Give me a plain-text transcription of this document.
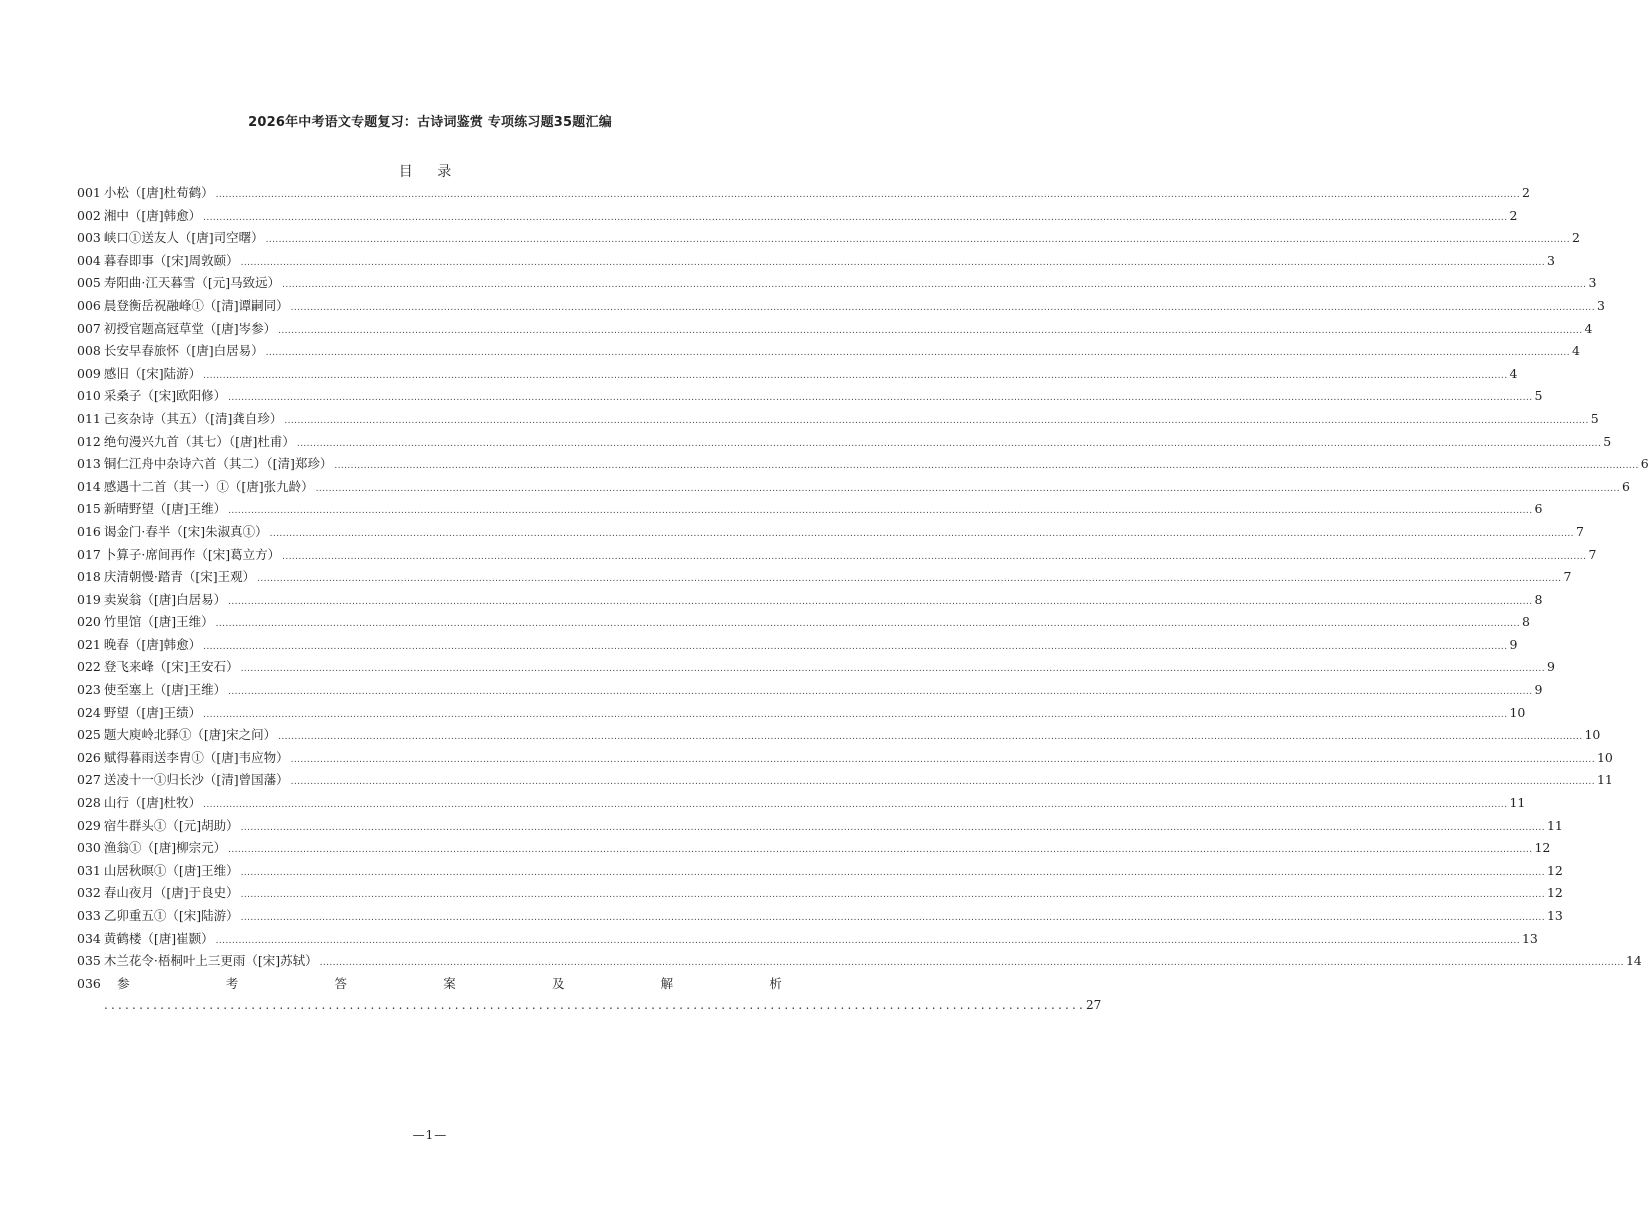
2026年中考语文专题复习：古诗词鉴赏 专项练习题35题汇编
目 录
001 小松（[唐]杜荀鹤） ................................................................................................................................................................................................................................................................................................................................................................................................................ 2
002 湘中（[唐]韩愈） ................................................................................................................................................................................................................................................................................................................................................................................................................ 2
003 峡口①送友人（[唐]司空曙） ................................................................................................................................................................................................................................................................................................................................................................................................................ 2
004 暮春即事（[宋]周敦颐） ................................................................................................................................................................................................................................................................................................................................................................................................................ 3
005 寿阳曲·江天暮雪（[元]马致远） ................................................................................................................................................................................................................................................................................................................................................................................................................ 3
006 晨登衡岳祝融峰①（[清]谭嗣同） ................................................................................................................................................................................................................................................................................................................................................................................................................ 3
007 初授官题高冠草堂（[唐]岑参） ................................................................................................................................................................................................................................................................................................................................................................................................................ 4
008 长安早春旅怀（[唐]白居易） ................................................................................................................................................................................................................................................................................................................................................................................................................ 4
009 感旧（[宋]陆游） ................................................................................................................................................................................................................................................................................................................................................................................................................ 4
010 采桑子（[宋]欧阳修） ................................................................................................................................................................................................................................................................................................................................................................................................................ 5
011 己亥杂诗（其五）（[清]龚自珍） ................................................................................................................................................................................................................................................................................................................................................................................................................ 5
012 绝句漫兴九首（其七）（[唐]杜甫） ................................................................................................................................................................................................................................................................................................................................................................................................................ 5
013 铜仁江舟中杂诗六首（其二）（[清]郑珍） ................................................................................................................................................................................................................................................................................................................................................................................................................ 6
014 感遇十二首（其一）①（[唐]张九龄） ................................................................................................................................................................................................................................................................................................................................................................................................................ 6
015 新晴野望（[唐]王维） ................................................................................................................................................................................................................................................................................................................................................................................................................ 6
016 谒金门·春半（[宋]朱淑真①） ................................................................................................................................................................................................................................................................................................................................................................................................................ 7
017 卜算子·席间再作（[宋]葛立方） ................................................................................................................................................................................................................................................................................................................................................................................................................ 7
018 庆清朝慢·踏青（[宋]王观） ................................................................................................................................................................................................................................................................................................................................................................................................................ 7
019 卖炭翁（[唐]白居易） ................................................................................................................................................................................................................................................................................................................................................................................................................ 8
020 竹里馆（[唐]王维） ................................................................................................................................................................................................................................................................................................................................................................................................................ 8
021 晚春（[唐]韩愈） ................................................................................................................................................................................................................................................................................................................................................................................................................ 9
022 登飞来峰（[宋]王安石） ................................................................................................................................................................................................................................................................................................................................................................................................................ 9
023 使至塞上（[唐]王维） ................................................................................................................................................................................................................................................................................................................................................................................................................ 9
024 野望（[唐]王绩） ................................................................................................................................................................................................................................................................................................................................................................................................................ 10
025 题大庾岭北驿①（[唐]宋之问） ................................................................................................................................................................................................................................................................................................................................................................................................................ 10
026 赋得暮雨送李胄①（[唐]韦应物） ................................................................................................................................................................................................................................................................................................................................................................................................................ 10
027 送凌十一①归长沙（[清]曾国藩） ................................................................................................................................................................................................................................................................................................................................................................................................................ 11
028 山行（[唐]杜牧） ................................................................................................................................................................................................................................................................................................................................................................................................................ 11
029 宿牛群头①（[元]胡助） ................................................................................................................................................................................................................................................................................................................................................................................................................ 11
030 渔翁①（[唐]柳宗元） ................................................................................................................................................................................................................................................................................................................................................................................................................ 12
031 山居秋暝①（[唐]王维） ................................................................................................................................................................................................................................................................................................................................................................................................................ 12
032 春山夜月（[唐]于良史） ................................................................................................................................................................................................................................................................................................................................................................................................................ 12
033 乙卯重五①（[宋]陆游） ................................................................................................................................................................................................................................................................................................................................................................................................................ 13
034 黄鹤楼（[唐]崔颢） ................................................................................................................................................................................................................................................................................................................................................................................................................ 13
035 木兰花令·梧桐叶上三更雨（[宋]苏轼） ................................................................................................................................................................................................................................................................................................................................................................................................................ 14
036	参	考	答	案	及	解	析
............................................................................................................................................ 27
—1—
